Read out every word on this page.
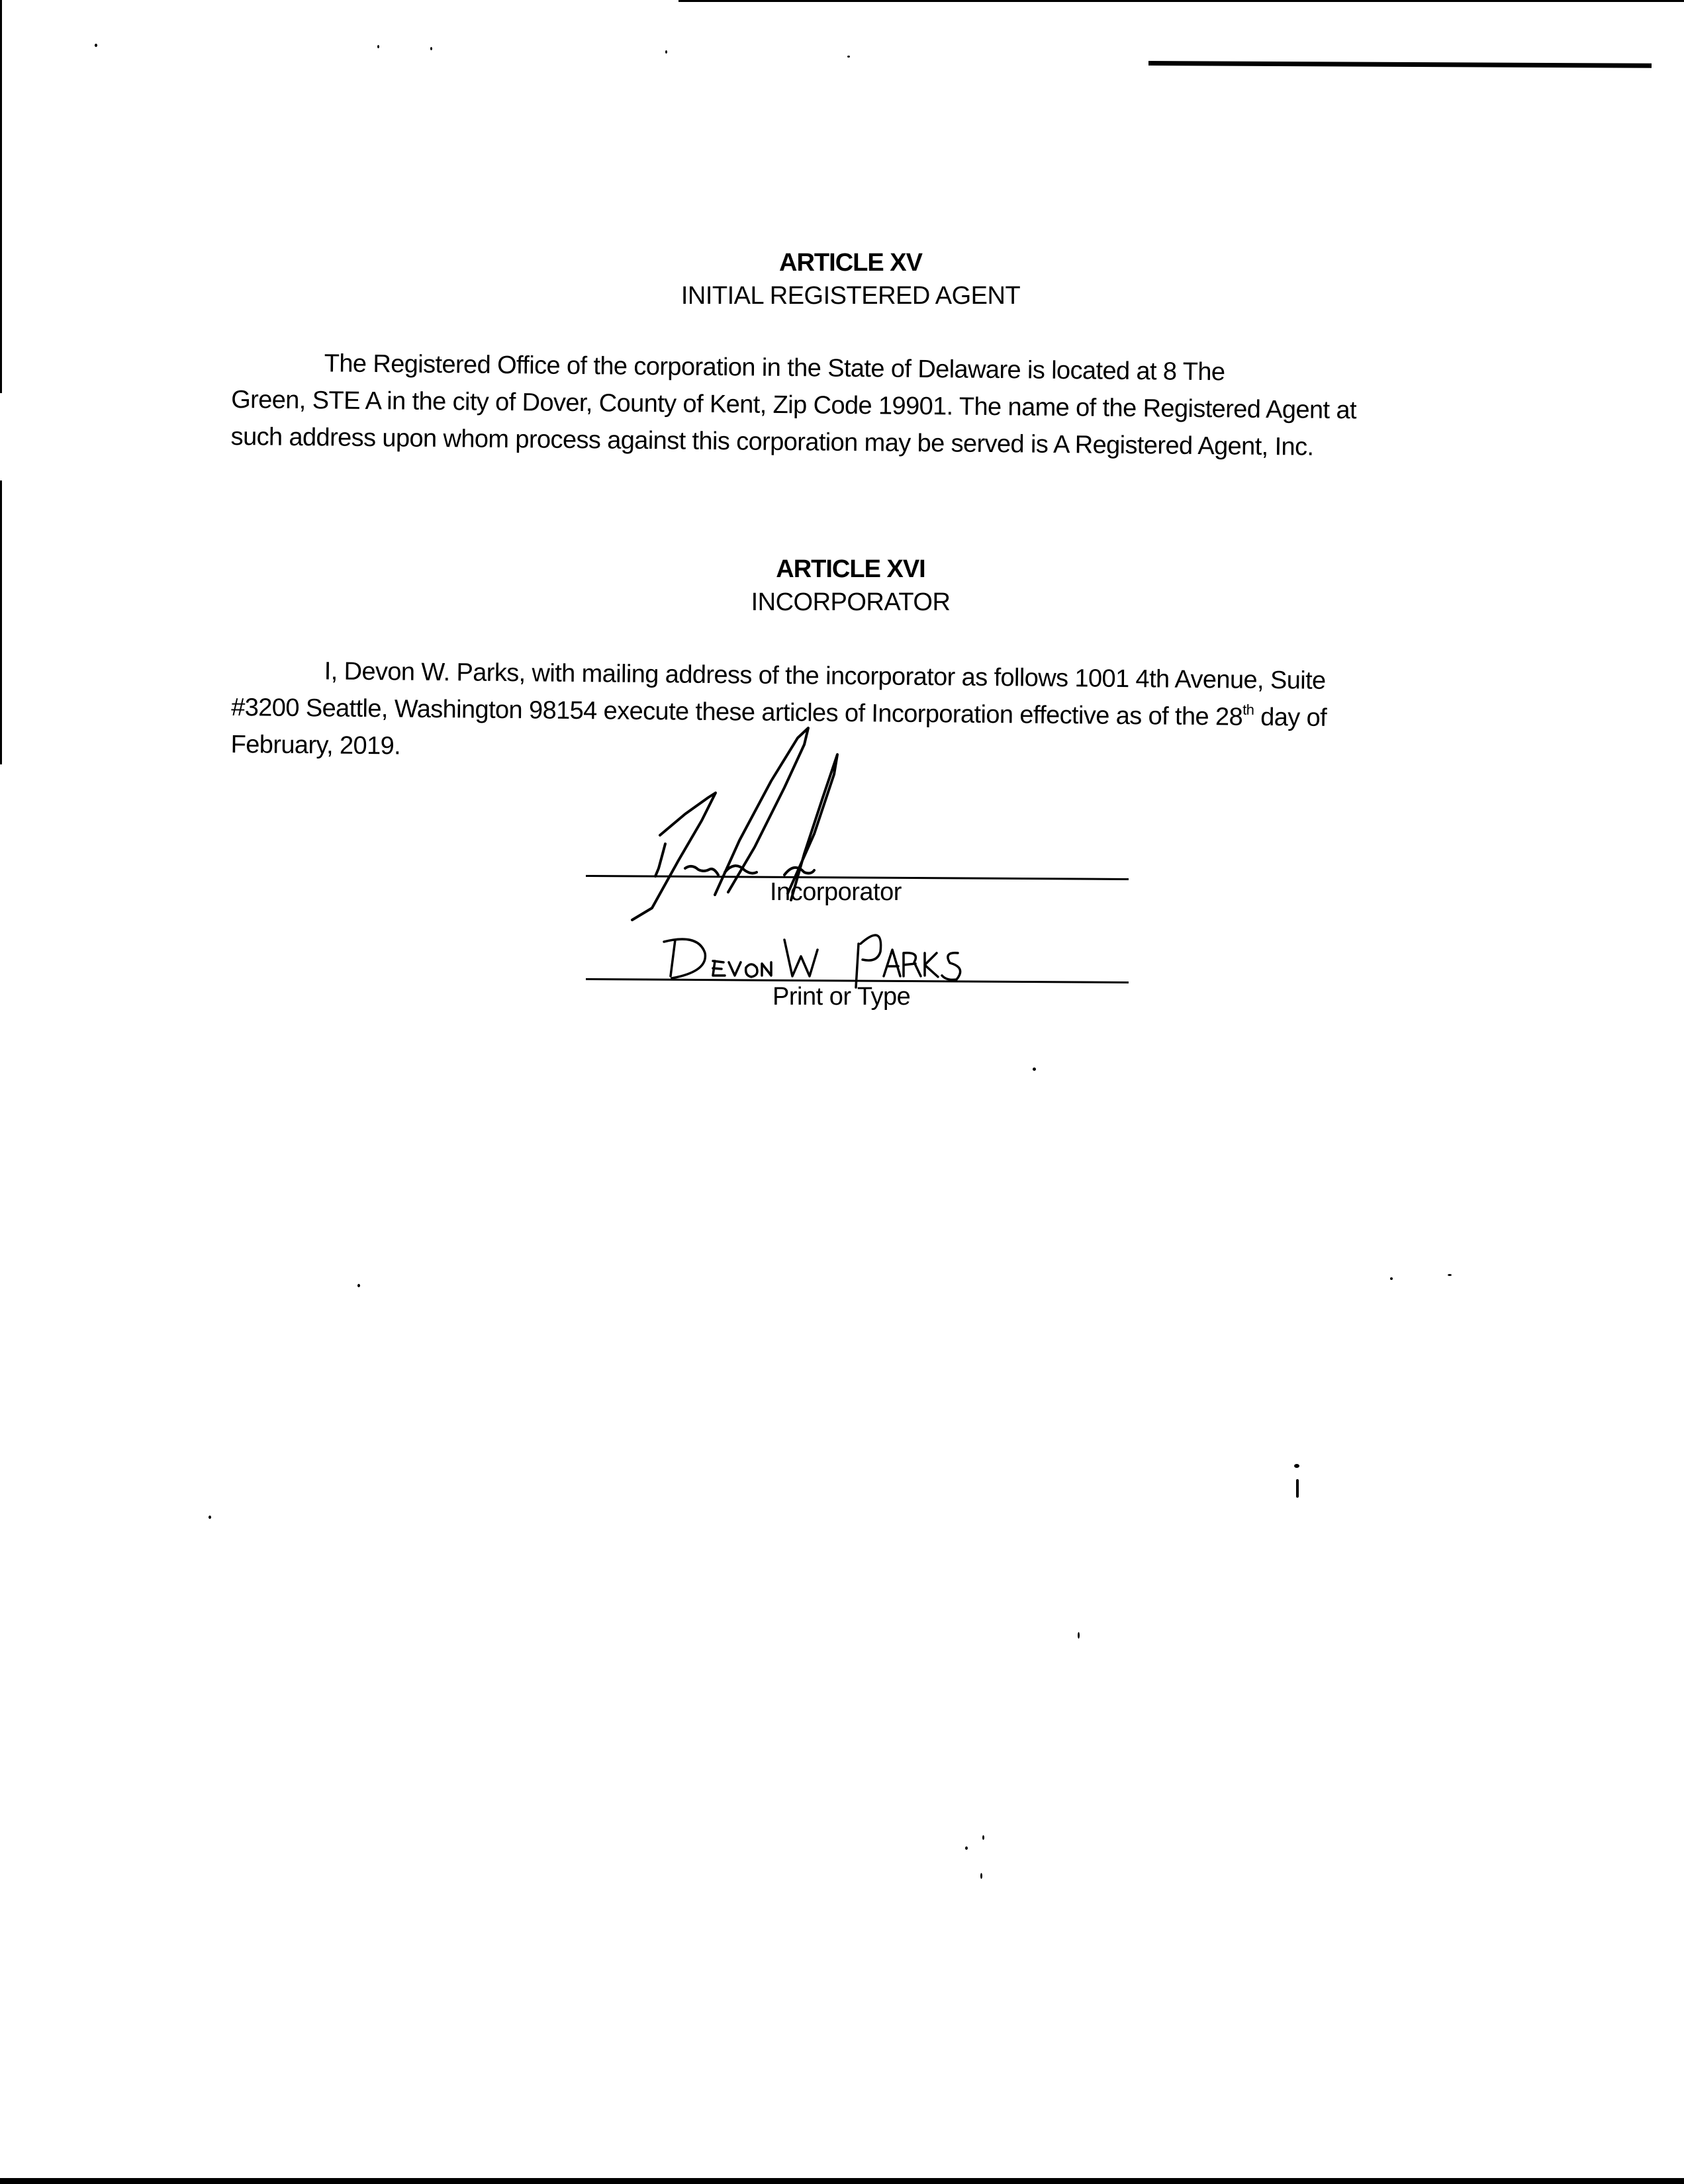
ARTICLE XV
INITIAL REGISTERED AGENT
The Registered Office of the corporation in the State of Delaware is located at 8 The
Green, STE A in the city of Dover, County of Kent, Zip Code 19901. The name of the Registered Agent at
such address upon whom process against this corporation may be served is A Registered Agent, Inc.
ARTICLE XVI
INCORPORATOR
I, Devon W. Parks, with mailing address of the incorporator as follows 1001 4th Avenue, Suite
#3200 Seattle, Washington 98154 execute these articles of Incorporation effective as of the 28th day of
February, 2019.
Incorporator
Print or Type
